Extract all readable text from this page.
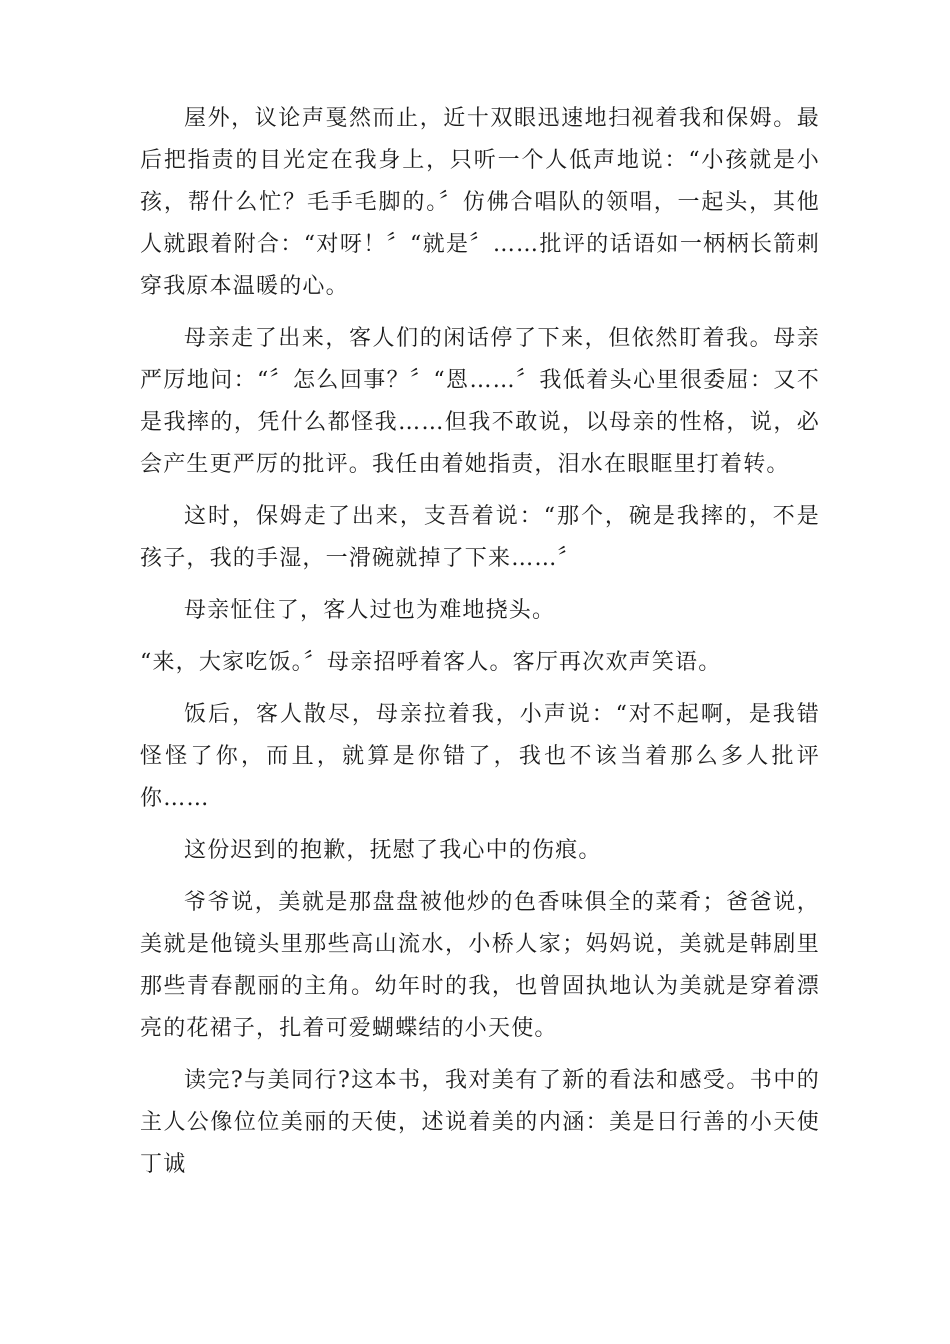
屋外，议论声戛然而止，近十双眼迅速地扫视着我和保姆。最后把指责的目光定在我身上，只听一个人低声地说：“小孩就是小孩，帮什么忙？毛手毛脚的。〞仿佛合唱队的领唱，一起头，其他人就跟着附合：“对呀！〞“就是〞……批评的话语如一柄柄长箭刺穿我原本温暖的心。

母亲走了出来，客人们的闲话停了下来，但依然盯着我。母亲严厉地问：“〞怎么回事？〞“恩……〞我低着头心里很委屈：又不是我摔的，凭什么都怪我……但我不敢说，以母亲的性格，说，必会产生更严厉的批评。我任由着她指责，泪水在眼眶里打着转。

这时，保姆走了出来，支吾着说：“那个，碗是我摔的，不是孩子，我的手湿，一滑碗就掉了下来……〞

母亲怔住了，客人过也为难地挠头。

“来，大家吃饭。〞母亲招呼着客人。客厅再次欢声笑语。

饭后，客人散尽，母亲拉着我，小声说：“对不起啊，是我错怪怪了你，而且，就算是你错了，我也不该当着那么多人批评你……

这份迟到的抱歉，抚慰了我心中的伤痕。

爷爷说，美就是那盘盘被他炒的色香味俱全的菜肴；爸爸说，美就是他镜头里那些高山流水，小桥人家；妈妈说，美就是韩剧里那些青春靓丽的主角。幼年时的我，也曾固执地认为美就是穿着漂亮的花裙子，扎着可爱蝴蝶结的小天使。

读完?与美同行?这本书，我对美有了新的看法和感受。书中的主人公像位位美丽的天使，述说着美的内涵：美是日行善的小天使丁诚
